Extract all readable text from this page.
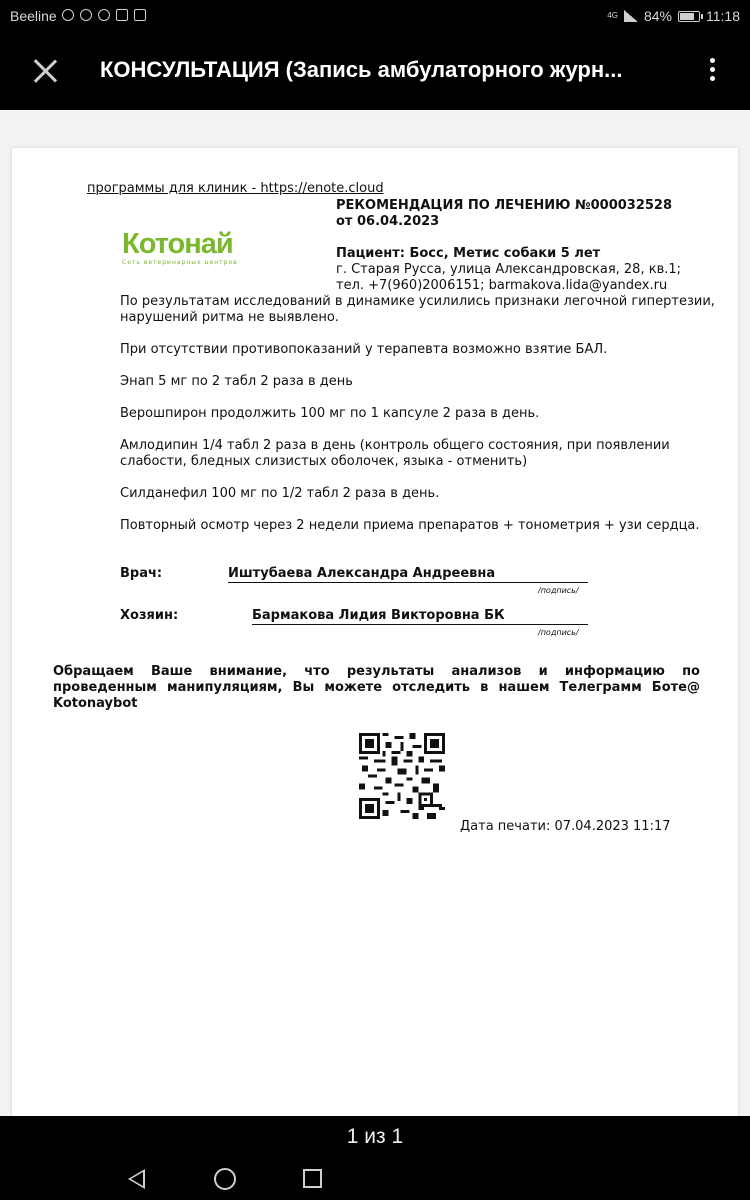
Beeline	4G 84% 11:18
КОНСУЛЬТАЦИЯ (Запись амбулаторного журн...
программы для клиник - https://enote.cloud
Котонай
Сеть ветеринарных центров
РЕКОМЕНДАЦИЯ ПО ЛЕЧЕНИЮ №000032528
от 06.04.2023
Пациент: Босс, Метис собаки 5 лет
г. Старая Русса, улица Александровская, 28, кв.1;
тел. +7(960)2006151; barmakova.lida@yandex.ru
По результатам исследований в динамике усилились признаки легочной гипертезии, нарушений ритма не выявлено.
При отсутствии противопоказаний у терапевта возможно взятие БАЛ.
Энап 5 мг по 2 табл 2 раза в день
Верошпирон продолжить 100 мг по 1 капсуле 2 раза в день.
Амлодипин 1/4 табл 2 раза в день (контроль общего состояния, при появлении слабости, бледных слизистых оболочек, языка - отменить)
Силданефил 100 мг по 1/2 табл 2 раза в день.
Повторный осмотр через 2 недели приема препаратов + тонометрия + узи сердца.
Врач:	Иштубаева Александра Андреевна
/подпись/
Хозяин:	Бармакова Лидия Викторовна БК
/подпись/
Обращаем Ваше внимание, что результаты анализов и информацию по проведенным манипуляциям, Вы можете отследить в нашем Телеграмм Боте@ Kotonaybot
Дата печати: 07.04.2023 11:17
1 из 1
